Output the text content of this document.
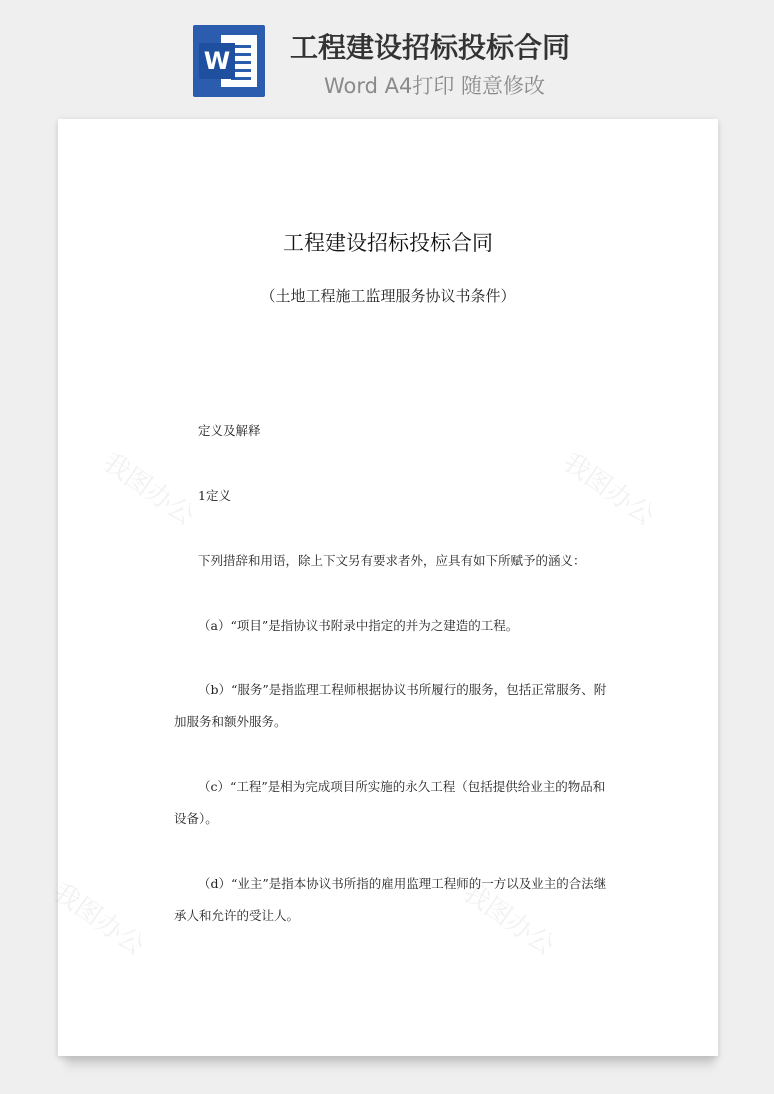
W 工程建设招标投标合同
Word A4打印 随意修改
我图办公	我图办公
我图办公	我图办公
工程建设招标投标合同
（土地工程施工监理服务协议书条件）
定义及解释
1定义
下列措辞和用语，除上下文另有要求者外，应具有如下所赋予的涵义：
（a）“项目”是指协议书附录中指定的并为之建造的工程。
（b）“服务”是指监理工程师根据协议书所履行的服务，包括正常服务、附
加服务和额外服务。
（c）“工程”是相为完成项目所实施的永久工程（包括提供给业主的物品和
设备）。
（d）“业主”是指本协议书所指的雇用监理工程师的一方以及业主的合法继
承人和允许的受让人。
